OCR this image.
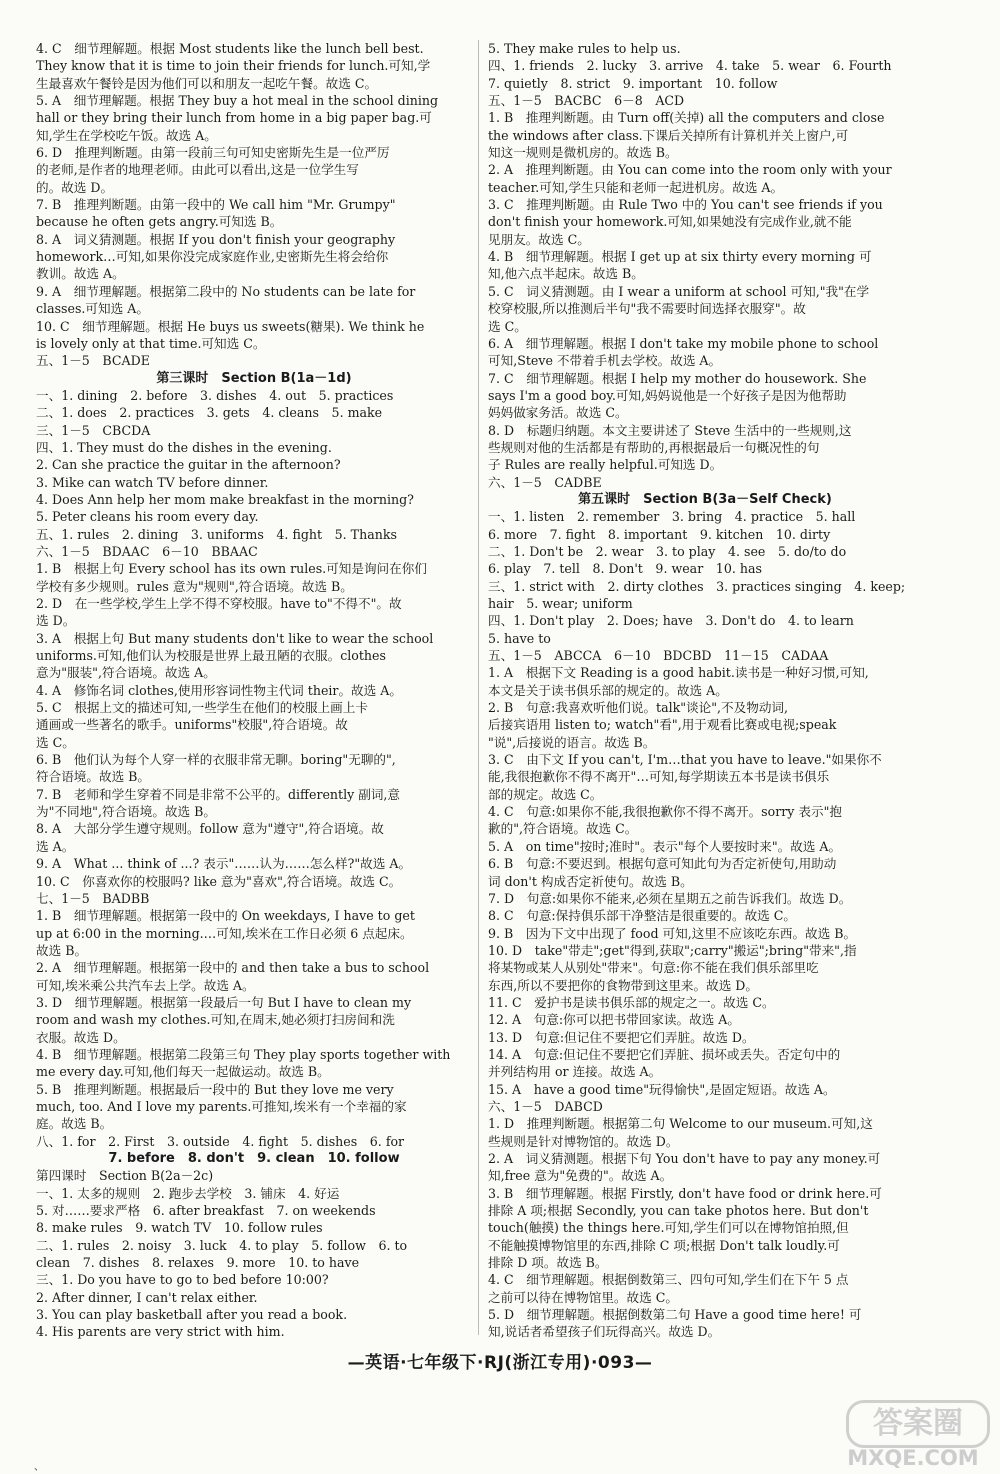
4. C　细节理解题。根据 Most students like the lunch bell best.
They know that it is time to join their friends for lunch.可知,学
生最喜欢午餐铃是因为他们可以和朋友一起吃午餐。故选 C。
5. A　细节理解题。根据 They buy a hot meal in the school dining
hall or they bring their lunch from home in a big paper bag.可
知,学生在学校吃午饭。故选 A。
6. D　推理判断题。由第一段前三句可知史密斯先生是一位严厉
的老师,是作者的地理老师。由此可以看出,这是一位学生写
的。故选 D。
7. B　推理判断题。由第一段中的 We call him "Mr. Grumpy"
because he often gets angry.可知选 B。
8. A　词义猜测题。根据 If you don't finish your geography
homework…可知,如果你没完成家庭作业,史密斯先生将会给你
教训。故选 A。
9. A　细节理解题。根据第二段中的 No students can be late for
classes.可知选 A。
10. C　细节理解题。根据 He buys us sweets(糖果). We think he
is lovely only at that time.可知选 C。
五、1－5　BCADE
第三课时　Section B(1a－1d)
一、1. dining　2. before　3. dishes　4. out　5. practices
二、1. does　2. practices　3. gets　4. cleans　5. make
三、1－5　CBCDA
四、1. They must do the dishes in the evening.
2. Can she practice the guitar in the afternoon?
3. Mike can watch TV before dinner.
4. Does Ann help her mom make breakfast in the morning?
5. Peter cleans his room every day.
五、1. rules　2. dining　3. uniforms　4. fight　5. Thanks
六、1－5　BDAAC　6－10　BBAAC
1. B　根据上句 Every school has its own rules.可知是询问在你们
学校有多少规则。rules 意为"规则",符合语境。故选 B。
2. D　在一些学校,学生上学不得不穿校服。have to"不得不"。故
选 D。
3. A　根据上句 But many students don't like to wear the school
uniforms.可知,他们认为校服是世界上最丑陋的衣服。clothes
意为"服装",符合语境。故选 A。
4. A　修饰名词 clothes,使用形容词性物主代词 their。故选 A。
5. C　根据上文的描述可知,一些学生在他们的校服上画上卡
通画或一些著名的歌手。uniforms"校服",符合语境。故
选 C。
6. B　他们认为每个人穿一样的衣服非常无聊。boring"无聊的",
符合语境。故选 B。
7. B　老师和学生穿着不同是非常不公平的。differently 副词,意
为"不同地",符合语境。故选 B。
8. A　大部分学生遵守规则。follow 意为"遵守",符合语境。故
选 A。
9. A　What ... think of ...? 表示"……认为……怎么样?"故选 A。
10. C　你喜欢你的校服吗? like 意为"喜欢",符合语境。故选 C。
七、1－5　BADBB
1. B　细节理解题。根据第一段中的 On weekdays, I have to get
up at 6:00 in the morning.…可知,埃米在工作日必须 6 点起床。
故选 B。
2. A　细节理解题。根据第一段中的 and then take a bus to school
可知,埃米乘公共汽车去上学。故选 A。
3. D　细节理解题。根据第一段最后一句 But I have to clean my
room and wash my clothes.可知,在周末,她必须打扫房间和洗
衣服。故选 D。
4. B　细节理解题。根据第二段第三句 They play sports together with
me every day.可知,他们每天一起做运动。故选 B。
5. B　推理判断题。根据最后一段中的 But they love me very
much, too. And I love my parents.可推知,埃米有一个幸福的家
庭。故选 B。
八、1. for　2. First　3. outside　4. fight　5. dishes　6. for
7. before　8. don't　9. clean　10. follow
第四课时　Section B(2a－2c)
一、1. 太多的规则　2. 跑步去学校　3. 铺床　4. 好运
5. 对……要求严格　6. after breakfast　7. on weekends
8. make rules　9. watch TV　10. follow rules
二、1. rules　2. noisy　3. luck　4. to play　5. follow　6. to
clean　7. dishes　8. relaxes　9. more　10. to have
三、1. Do you have to go to bed before 10:00?
2. After dinner, I can't relax either.
3. You can play basketball after you read a book.
4. His parents are very strict with him.
5. They make rules to help us.
四、1. friends　2. lucky　3. arrive　4. take　5. wear　6. Fourth
7. quietly　8. strict　9. important　10. follow
五、1－5　BACBC　6－8　ACD
1. B　推理判断题。由 Turn off(关掉) all the computers and close
the windows after class.下课后关掉所有计算机并关上窗户,可
知这一规则是微机房的。故选 B。
2. A　推理判断题。由 You can come into the room only with your
teacher.可知,学生只能和老师一起进机房。故选 A。
3. C　推理判断题。由 Rule Two 中的 You can't see friends if you
don't finish your homework.可知,如果她没有完成作业,就不能
见朋友。故选 C。
4. B　细节理解题。根据 I get up at six thirty every morning 可
知,他六点半起床。故选 B。
5. C　词义猜测题。由 I wear a uniform at school 可知,"我"在学
校穿校服,所以推测后半句"我不需要时间选择衣服穿"。故
选 C。
6. A　细节理解题。根据 I don't take my mobile phone to school
可知,Steve 不带着手机去学校。故选 A。
7. C　细节理解题。根据 I help my mother do housework. She
says I'm a good boy.可知,妈妈说他是一个好孩子是因为他帮助
妈妈做家务活。故选 C。
8. D　标题归纳题。本文主要讲述了 Steve 生活中的一些规则,这
些规则对他的生活都是有帮助的,再根据最后一句概况性的句
子 Rules are really helpful.可知选 D。
六、1－5　CADBE
第五课时　Section B(3a－Self Check)
一、1. listen　2. remember　3. bring　4. practice　5. hall
6. more　7. fight　8. important　9. kitchen　10. dirty
二、1. Don't be　2. wear　3. to play　4. see　5. do/to do
6. play　7. tell　8. Don't　9. wear　10. has
三、1. strict with　2. dirty clothes　3. practices singing　4. keep;
hair　5. wear; uniform
四、1. Don't play　2. Does; have　3. Don't do　4. to learn
5. have to
五、1－5　ABCCA　6－10　BDCBD　11－15　CADAA
1. A　根据下文 Reading is a good habit.读书是一种好习惯,可知,
本文是关于读书俱乐部的规定的。故选 A。
2. B　句意:我喜欢听他们说。talk"谈论",不及物动词,
后接宾语用 listen to; watch"看",用于观看比赛或电视;speak
"说",后接说的语言。故选 B。
3. C　由下文 If you can't, I'm…that you have to leave."如果你不
能,我很抱歉你不得不离开"…可知,每学期读五本书是读书俱乐
部的规定。故选 C。
4. C　句意:如果你不能,我很抱歉你不得不离开。sorry 表示"抱
歉的",符合语境。故选 C。
5. A　on time"按时;准时"。表示"每个人要按时来"。故选 A。
6. B　句意:不要迟到。根据句意可知此句为否定祈使句,用助动
词 don't 构成否定祈使句。故选 B。
7. D　句意:如果你不能来,必须在星期五之前告诉我们。故选 D。
8. C　句意:保持俱乐部干净整洁是很重要的。故选 C。
9. B　因为下文中出现了 food 可知,这里不应该吃东西。故选 B。
10. D　take"带走";get"得到,获取";carry"搬运";bring"带来",指
将某物或某人从别处"带来"。句意:你不能在我们俱乐部里吃
东西,所以不要把你的食物带到这里来。故选 D。
11. C　爱护书是读书俱乐部的规定之一。故选 C。
12. A　句意:你可以把书带回家读。故选 A。
13. D　句意:但记住不要把它们弄脏。故选 D。
14. A　句意:但记住不要把它们弄脏、损坏或丢失。否定句中的
并列结构用 or 连接。故选 A。
15. A　have a good time"玩得愉快",是固定短语。故选 A。
六、1－5　DABCD
1. D　推理判断题。根据第二句 Welcome to our museum.可知,这
些规则是针对博物馆的。故选 D。
2. A　词义猜测题。根据下句 You don't have to pay any money.可
知,free 意为"免费的"。故选 A。
3. B　细节理解题。根据 Firstly, don't have food or drink here.可
排除 A 项;根据 Secondly, you can take photos here. But don't
touch(触摸) the things here.可知,学生们可以在博物馆拍照,但
不能触摸博物馆里的东西,排除 C 项;根据 Don't talk loudly.可
排除 D 项。故选 B。
4. C　细节理解题。根据倒数第三、四句可知,学生们在下午 5 点
之前可以待在博物馆里。故选 C。
5. D　细节理解题。根据倒数第二句 Have a good time here! 可
知,说话者希望孩子们玩得高兴。故选 D。
—英语·七年级下·RJ(浙江专用)·093—
答案圈
MXQE.COM
、
